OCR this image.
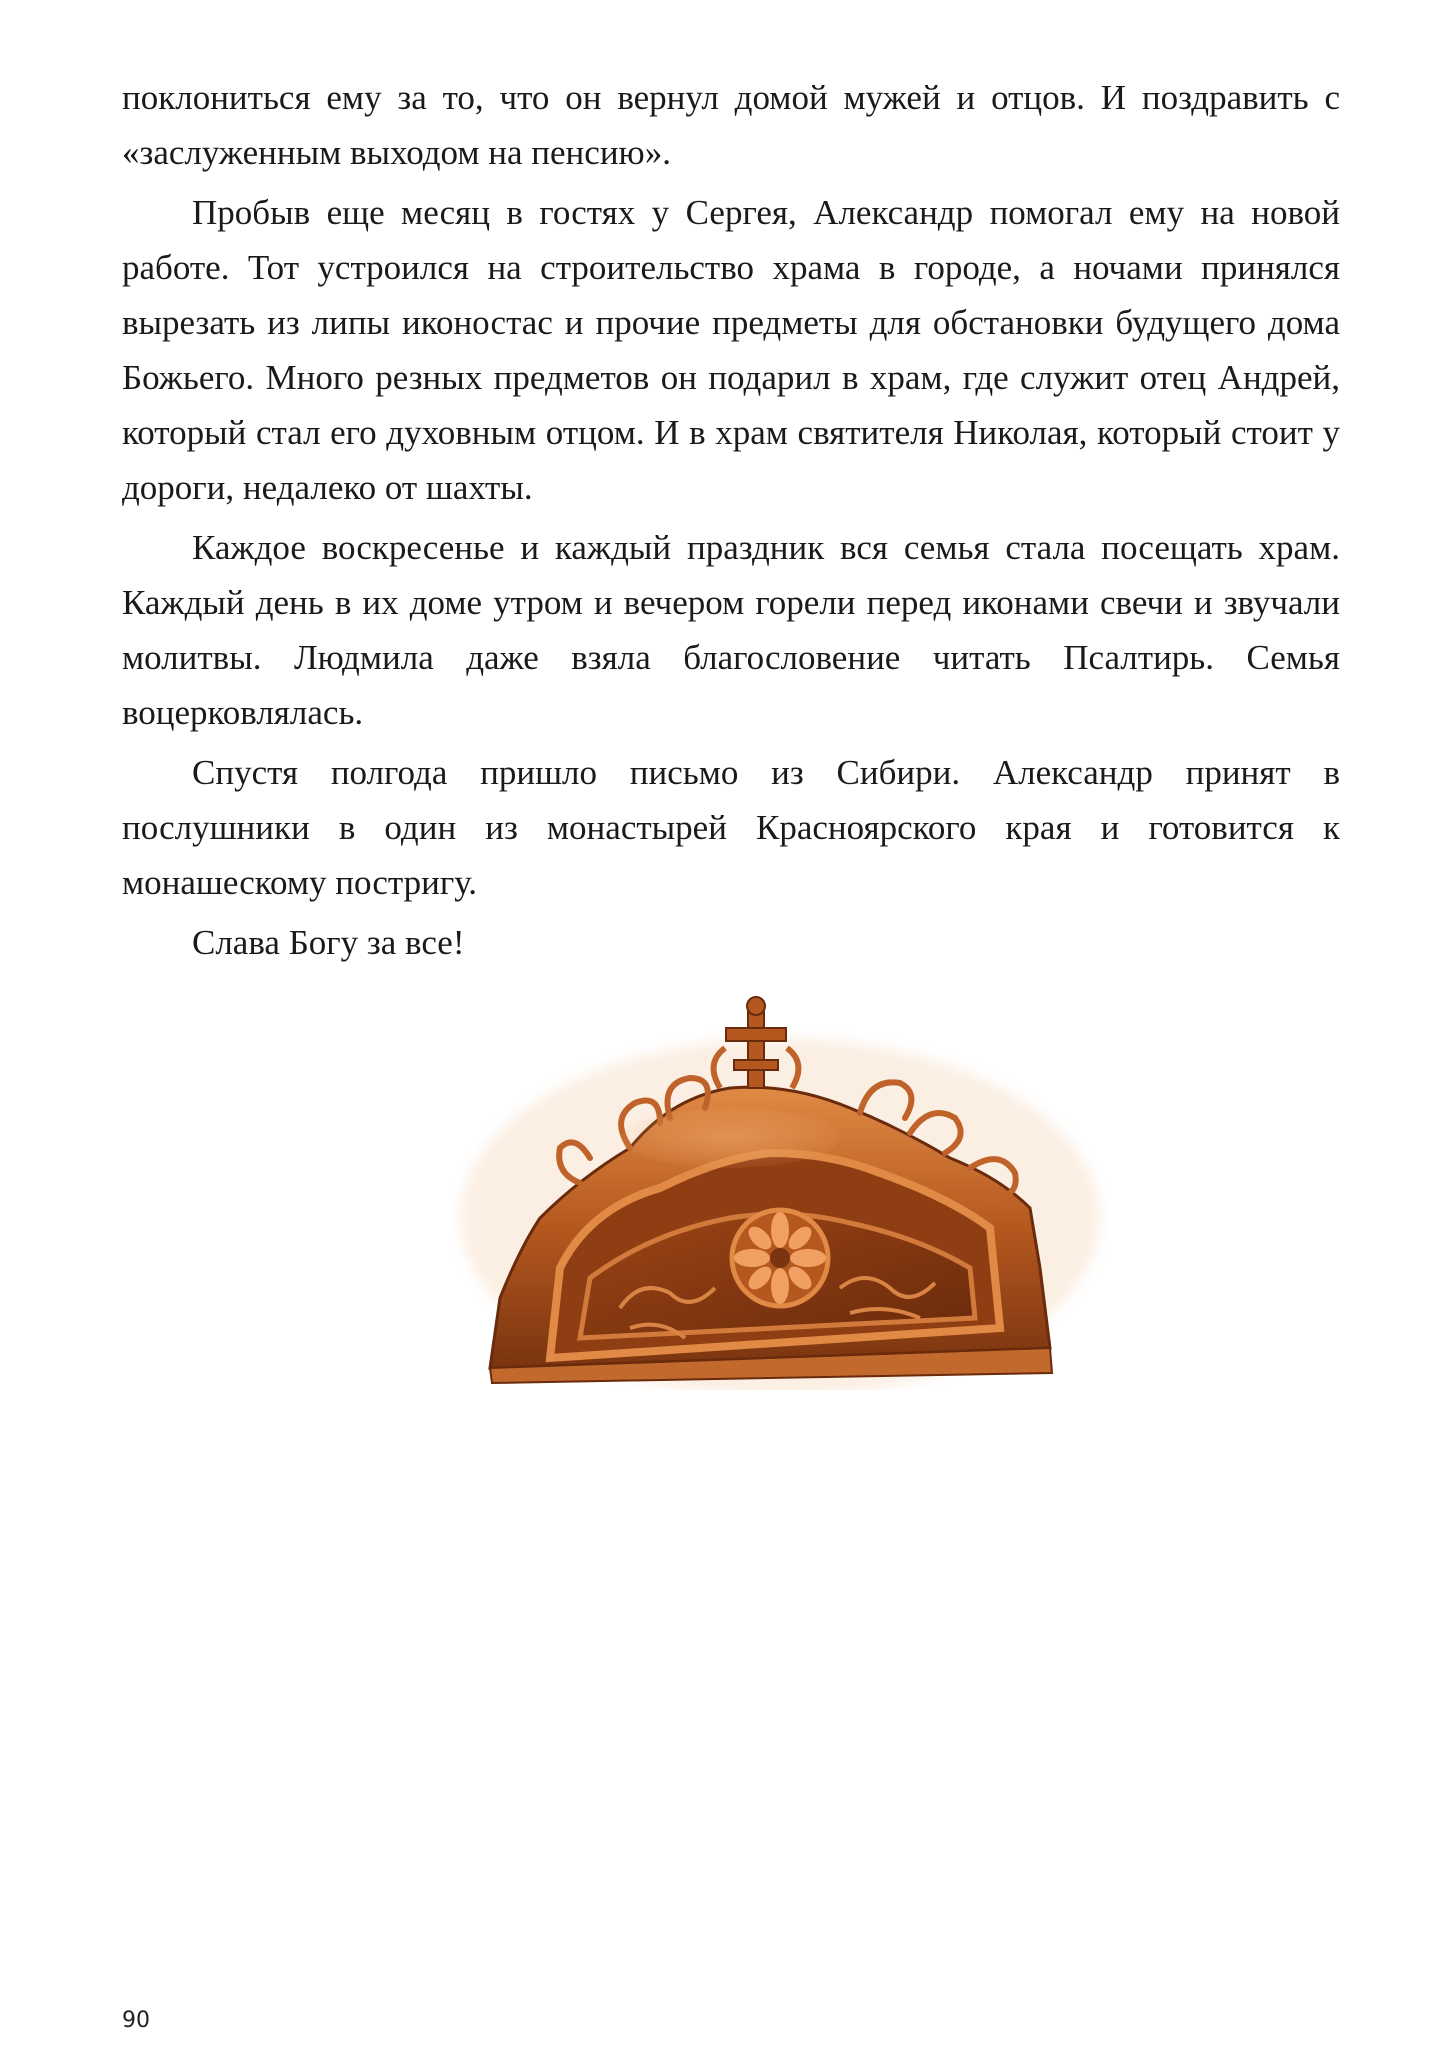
поклониться ему за то, что он вернул домой мужей и отцов. И поздравить с «заслуженным выходом на пенсию».

Пробыв еще месяц в гостях у Сергея, Александр помогал ему на новой работе. Тот устроился на строительство храма в городе, а ночами принялся вырезать из липы иконостас и прочие предметы для обстановки будущего дома Божьего. Много резных предметов он подарил в храм, где служит отец Андрей, который стал его духовным отцом. И в храм святителя Николая, который стоит у дороги, недалеко от шахты.

Каждое воскресенье и каждый праздник вся семья стала посещать храм. Каждый день в их доме утром и вечером горели перед иконами свечи и звучали молитвы. Людмила даже взяла благословение читать Псалтирь. Семья воцерковлялась.

Спустя полгода пришло письмо из Сибири. Александр принят в послушники в один из монастырей Красноярского края и готовится к монашескому постригу.

Слава Богу за все!

90
